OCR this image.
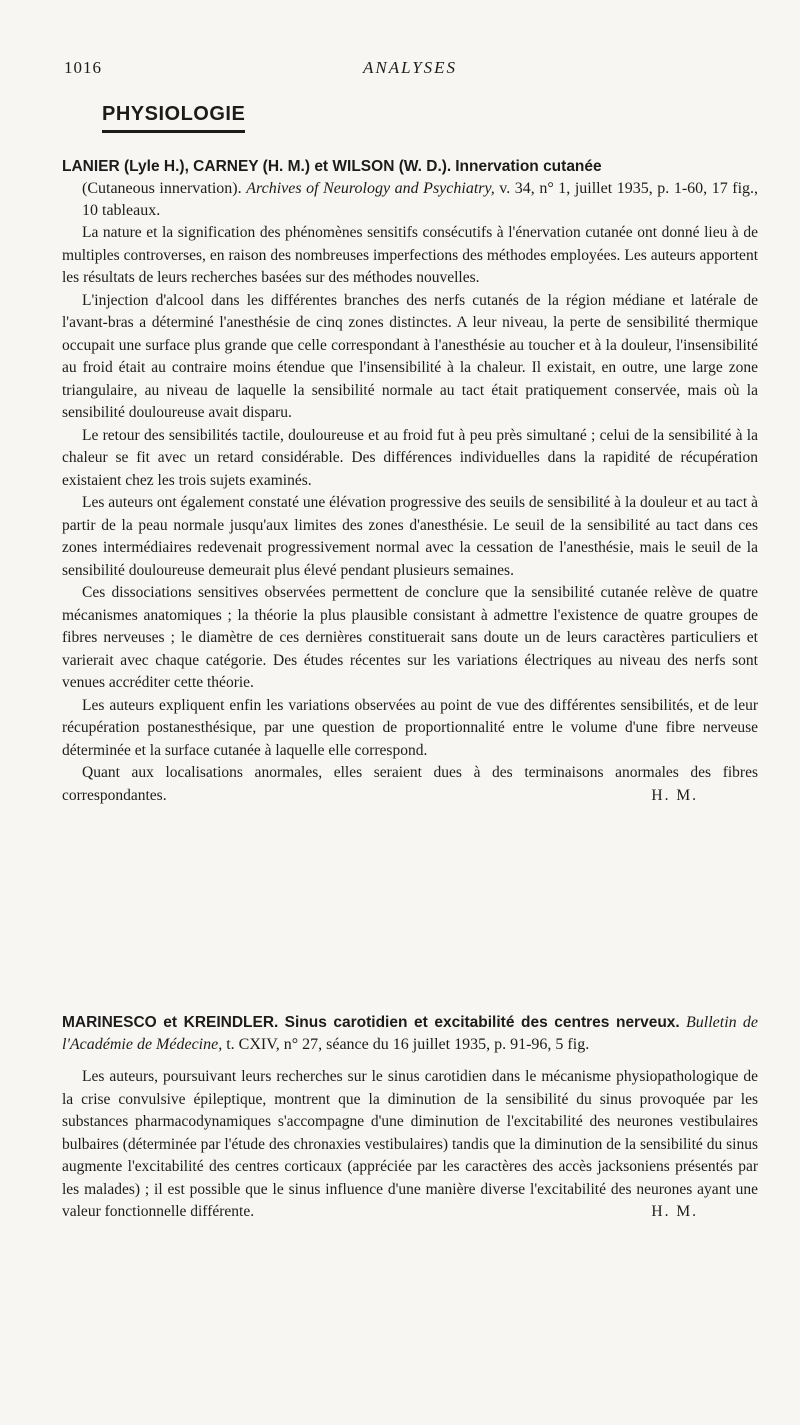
1016	ANALYSES
PHYSIOLOGIE

LANIER (Lyle H.), CARNEY (H. M.) et WILSON (W. D.). Innervation cutanée
(Cutaneous innervation). Archives of Neurology and Psychiatry, v. 34, n° 1, juillet 1935, p. 1-60, 17 fig., 10 tableaux.

La nature et la signification des phénomènes sensitifs consécutifs à l'énervation cutanée ont donné lieu à de multiples controverses, en raison des nombreuses imperfections des méthodes employées. Les auteurs apportent les résultats de leurs recherches basées sur des méthodes nouvelles.

L'injection d'alcool dans les différentes branches des nerfs cutanés de la région médiane et latérale de l'avant-bras a déterminé l'anesthésie de cinq zones distinctes. A leur niveau, la perte de sensibilité thermique occupait une surface plus grande que celle correspondant à l'anesthésie au toucher et à la douleur, l'insensibilité au froid était au contraire moins étendue que l'insensibilité à la chaleur. Il existait, en outre, une large zone triangulaire, au niveau de laquelle la sensibilité normale au tact était pratiquement conservée, mais où la sensibilité douloureuse avait disparu.

Le retour des sensibilités tactile, douloureuse et au froid fut à peu près simultané ; celui de la sensibilité à la chaleur se fit avec un retard considérable. Des différences individuelles dans la rapidité de récupération existaient chez les trois sujets examinés.

Les auteurs ont également constaté une élévation progressive des seuils de sensibilité à la douleur et au tact à partir de la peau normale jusqu'aux limites des zones d'anesthésie. Le seuil de la sensibilité au tact dans ces zones intermédiaires redevenait progressivement normal avec la cessation de l'anesthésie, mais le seuil de la sensibilité douloureuse demeurait plus élevé pendant plusieurs semaines.

Ces dissociations sensitives observées permettent de conclure que la sensibilité cutanée relève de quatre mécanismes anatomiques ; la théorie la plus plausible consistant à admettre l'existence de quatre groupes de fibres nerveuses ; le diamètre de ces dernières constituerait sans doute un de leurs caractères particuliers et varierait avec chaque catégorie. Des études récentes sur les variations électriques au niveau des nerfs sont venues accréditer cette théorie.

Les auteurs expliquent enfin les variations observées au point de vue des différentes sensibilités, et de leur récupération postanesthésique, par une question de proportionnalité entre le volume d'une fibre nerveuse déterminée et la surface cutanée à laquelle elle correspond.

Quant aux localisations anormales, elles seraient dues à des terminaisons anormales des fibres correspondantes.	H. M.

MARINESCO et KREINDLER. Sinus carotidien et excitabilité des centres nerveux. Bulletin de l'Académie de Médecine, t. CXIV, n° 27, séance du 16 juillet 1935, p. 91-96, 5 fig.

Les auteurs, poursuivant leurs recherches sur le sinus carotidien dans le mécanisme physiopathologique de la crise convulsive épileptique, montrent que la diminution de la sensibilité du sinus provoquée par les substances pharmacodynamiques s'accompagne d'une diminution de l'excitabilité des neurones vestibulaires bulbaires (déterminée par l'étude des chronaxies vestibulaires) tandis que la diminution de la sensibilité du sinus augmente l'excitabilité des centres corticaux (appréciée par les caractères des accès jacksoniens présentés par les malades) ; il est possible que le sinus influence d'une manière diverse l'excitabilité des neurones ayant une valeur fonctionnelle différente.	H. M.
